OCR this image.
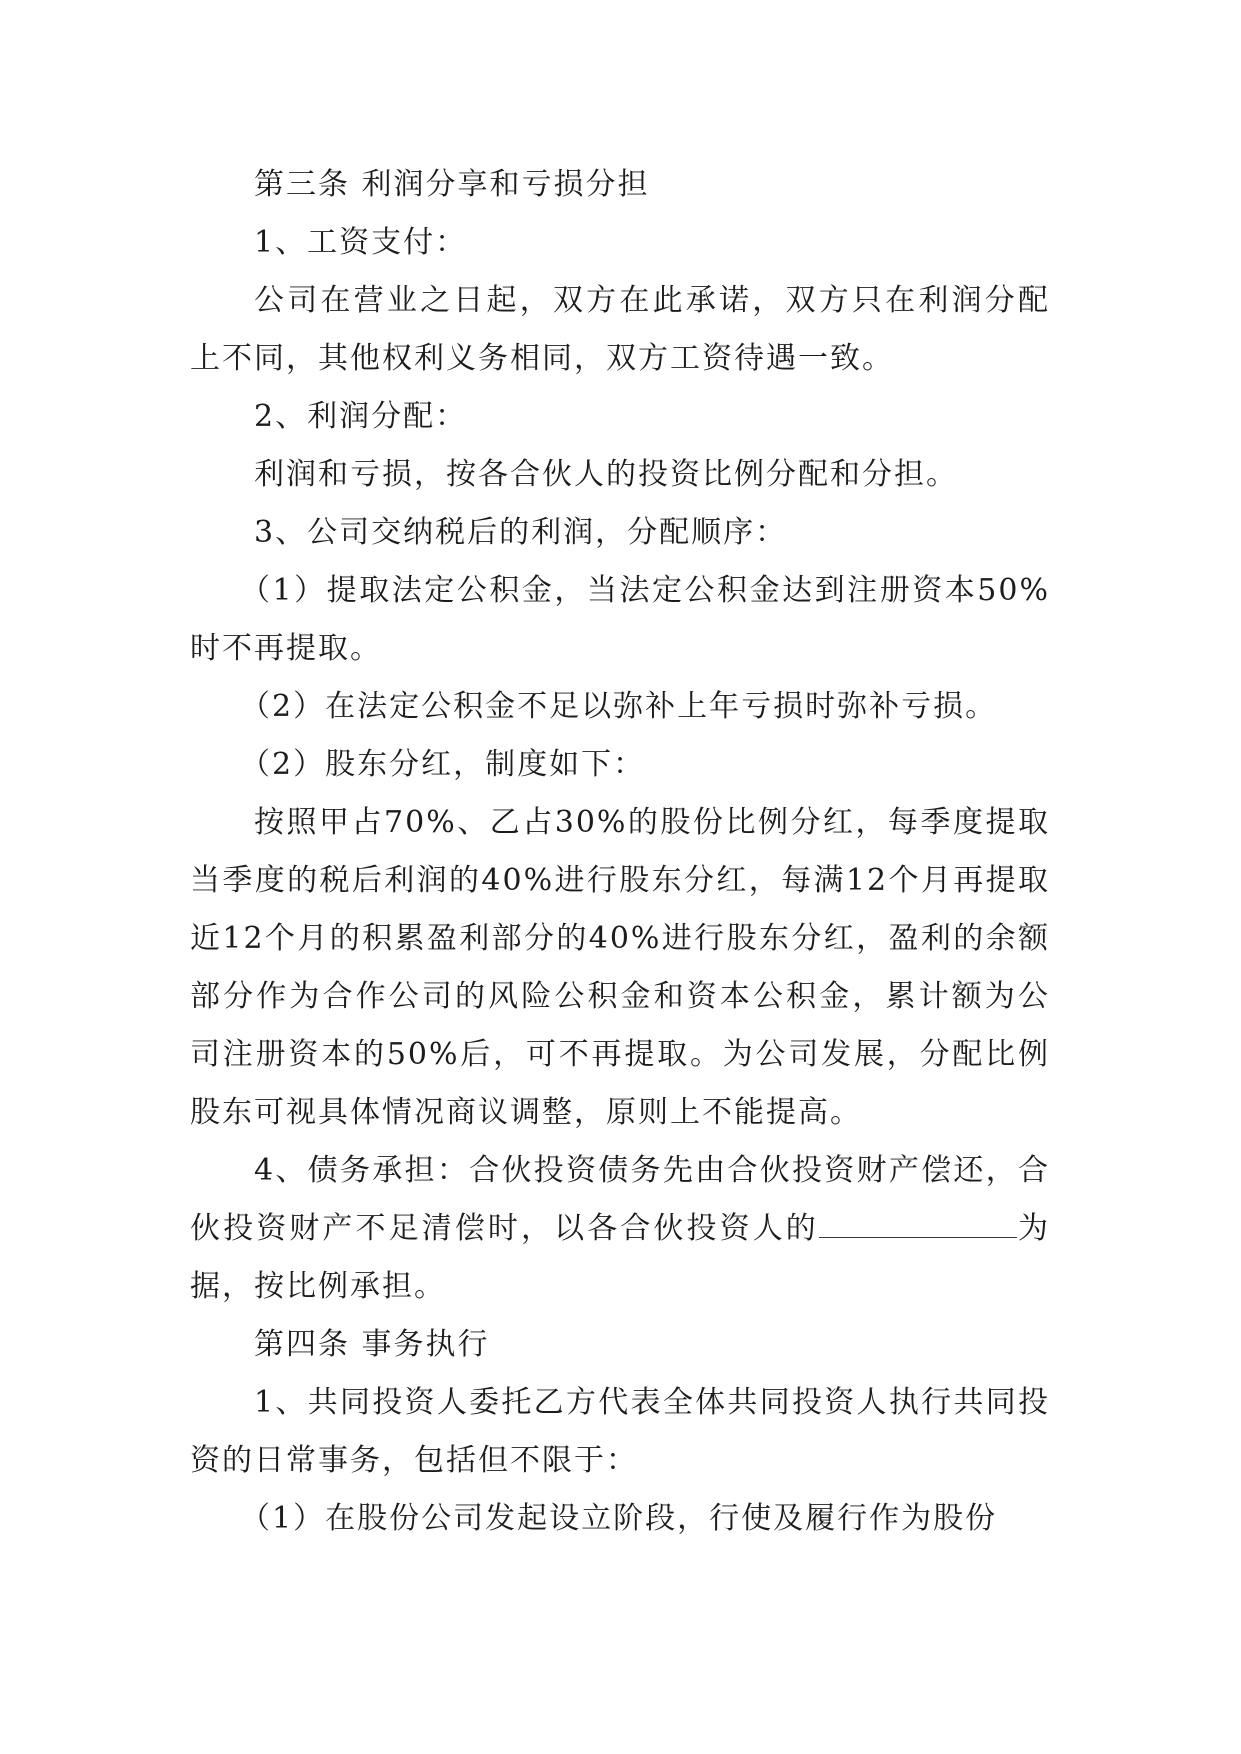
第三条 利润分享和亏损分担

1、工资支付：

公司在营业之日起，双方在此承诺，双方只在利润分配上不同，其他权利义务相同，双方工资待遇一致。

2、利润分配：

利润和亏损，按各合伙人的投资比例分配和分担。

3、公司交纳税后的利润，分配顺序：

（1）提取法定公积金，当法定公积金达到注册资本50%时不再提取。

（2）在法定公积金不足以弥补上年亏损时弥补亏损。

（2）股东分红，制度如下：

按照甲占70%、乙占30%的股份比例分红，每季度提取当季度的税后利润的40%进行股东分红，每满12个月再提取近12个月的积累盈利部分的40%进行股东分红，盈利的余额部分作为合作公司的风险公积金和资本公积金，累计额为公司注册资本的50%后，可不再提取。为公司发展，分配比例股东可视具体情况商议调整，原则上不能提高。

4、债务承担：合伙投资债务先由合伙投资财产偿还，合伙投资财产不足清偿时，以各合伙投资人的	为据，按比例承担。

第四条 事务执行

1、共同投资人委托乙方代表全体共同投资人执行共同投资的日常事务，包括但不限于：

（1）在股份公司发起设立阶段，行使及履行作为股份
